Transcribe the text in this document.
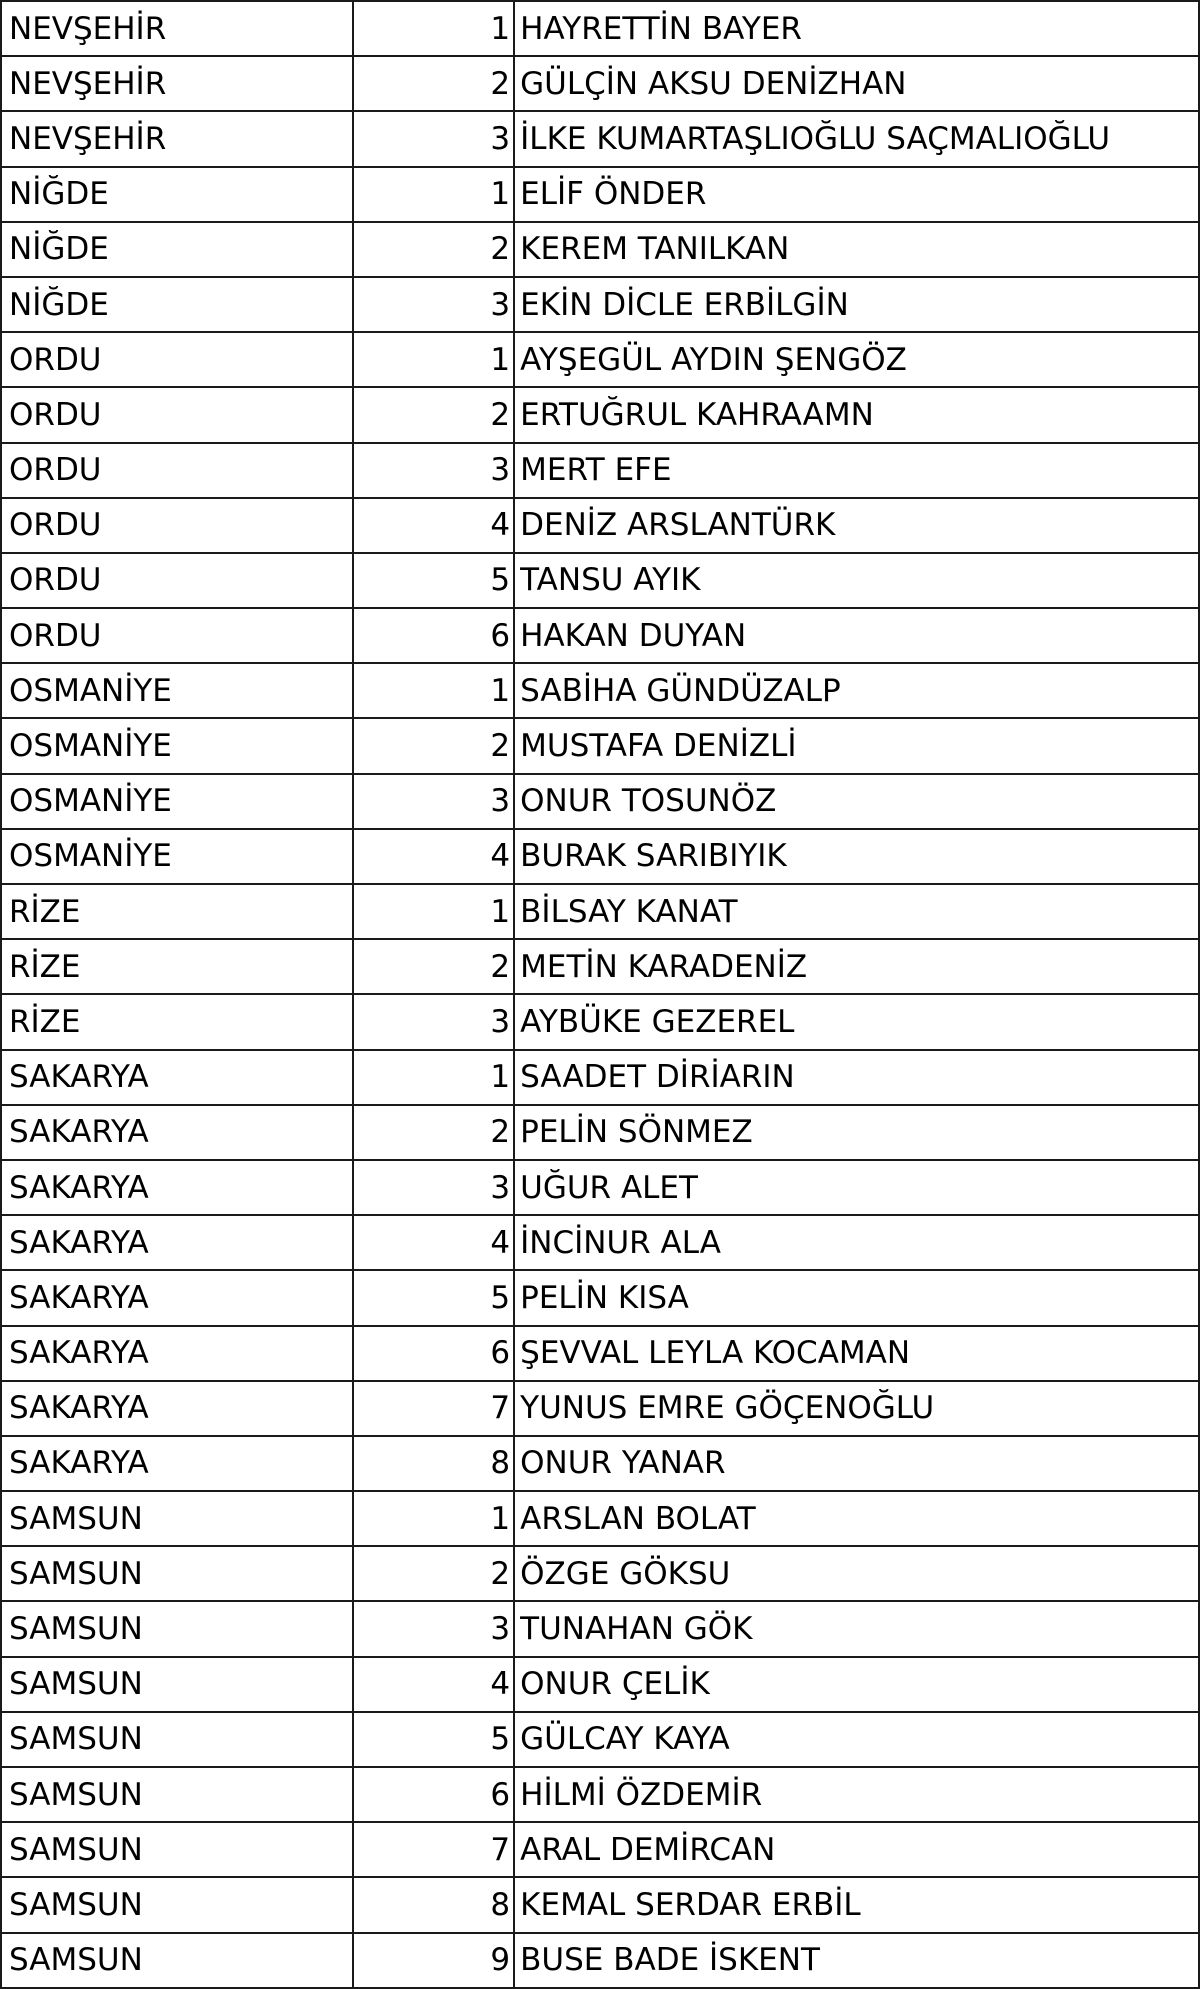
NEVŞEHİR	1 HAYRETTİN BAYER
NEVŞEHİR	2 GÜLÇİN AKSU DENİZHAN
NEVŞEHİR	3 İLKE KUMARTAŞLIOĞLU SAÇMALIOĞLU
NİĞDE	1 ELİF ÖNDER
NİĞDE	2 KEREM TANILKAN
NİĞDE	3 EKİN DİCLE ERBİLGİN
ORDU	1 AYŞEGÜL AYDIN ŞENGÖZ
ORDU	2 ERTUĞRUL KAHRAAMN
ORDU	3 MERT EFE
ORDU	4 DENİZ ARSLANTÜRK
ORDU	5 TANSU AYIK
ORDU	6 HAKAN DUYAN
OSMANİYE	1 SABİHA GÜNDÜZALP
OSMANİYE	2 MUSTAFA DENİZLİ
OSMANİYE	3 ONUR TOSUNÖZ
OSMANİYE	4 BURAK SARIBIYIK
RİZE	1 BİLSAY KANAT
RİZE	2 METİN KARADENİZ
RİZE	3 AYBÜKE GEZEREL
SAKARYA	1 SAADET DİRİARIN
SAKARYA	2 PELİN SÖNMEZ
SAKARYA	3 UĞUR ALET
SAKARYA	4 İNCİNUR ALA
SAKARYA	5 PELİN KISA
SAKARYA	6 ŞEVVAL LEYLA KOCAMAN
SAKARYA	7 YUNUS EMRE GÖÇENOĞLU
SAKARYA	8 ONUR YANAR
SAMSUN	1 ARSLAN BOLAT
SAMSUN	2 ÖZGE GÖKSU
SAMSUN	3 TUNAHAN GÖK
SAMSUN	4 ONUR ÇELİK
SAMSUN	5 GÜLCAY KAYA
SAMSUN	6 HİLMİ ÖZDEMİR
SAMSUN	7 ARAL DEMİRCAN
SAMSUN	8 KEMAL SERDAR ERBİL
SAMSUN	9 BUSE BADE İSKENT
